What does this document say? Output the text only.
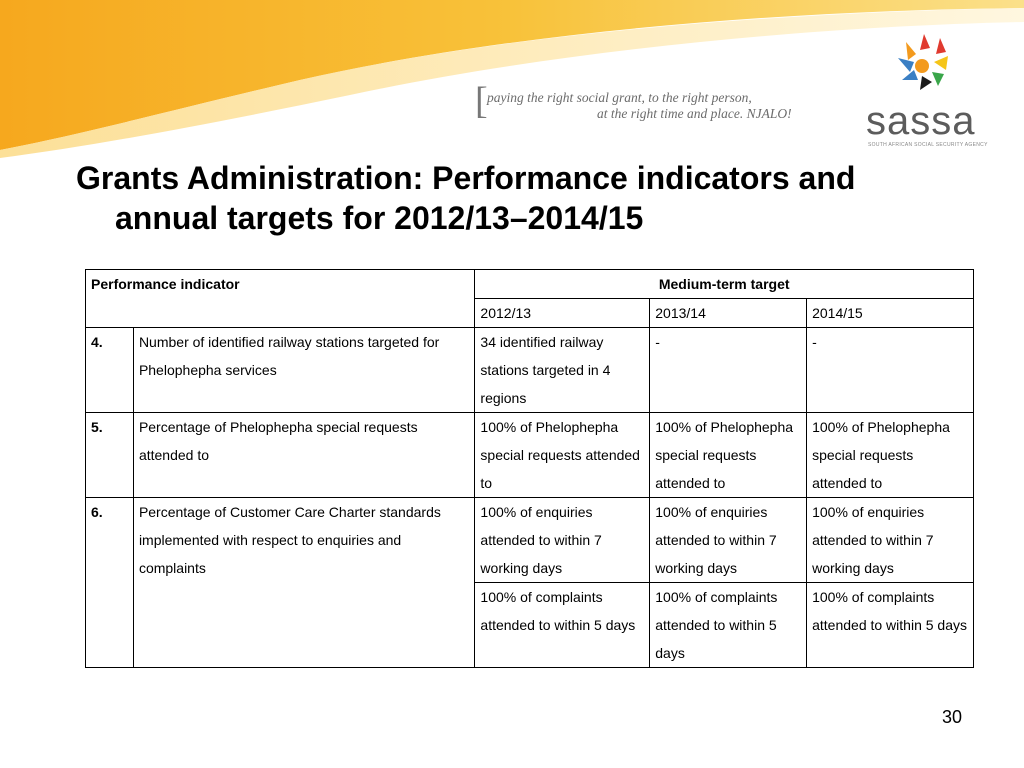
[ paying the right social grant, to the right person,
at the right time and place. NJALO! sassa
SOUTH AFRICAN SOCIAL SECURITY AGENCY
Grants Administration: Performance indicators and
annual targets for 2012/13–2014/15
Performance indicator		Medium-term target		
		2012/13	2013/14	2014/15
4.	Number of identified railway stations targeted for Phelophepha services	34 identified railway stations targeted in 4 regions	-	-
5.	Percentage of Phelophepha special requests attended to	100% of Phelophepha special requests attended to	100% of Phelophepha special requests attended to	100% of Phelophepha special requests attended to
6.	Percentage of Customer Care Charter standards implemented with respect to enquiries and complaints	100% of enquiries attended to within 7 working days	100% of enquiries attended to within 7 working days	100% of enquiries attended to within 7 working days
		100% of complaints attended to within 5 days	100% of complaints attended to within 5 days	100% of complaints attended to within 5 days
30
